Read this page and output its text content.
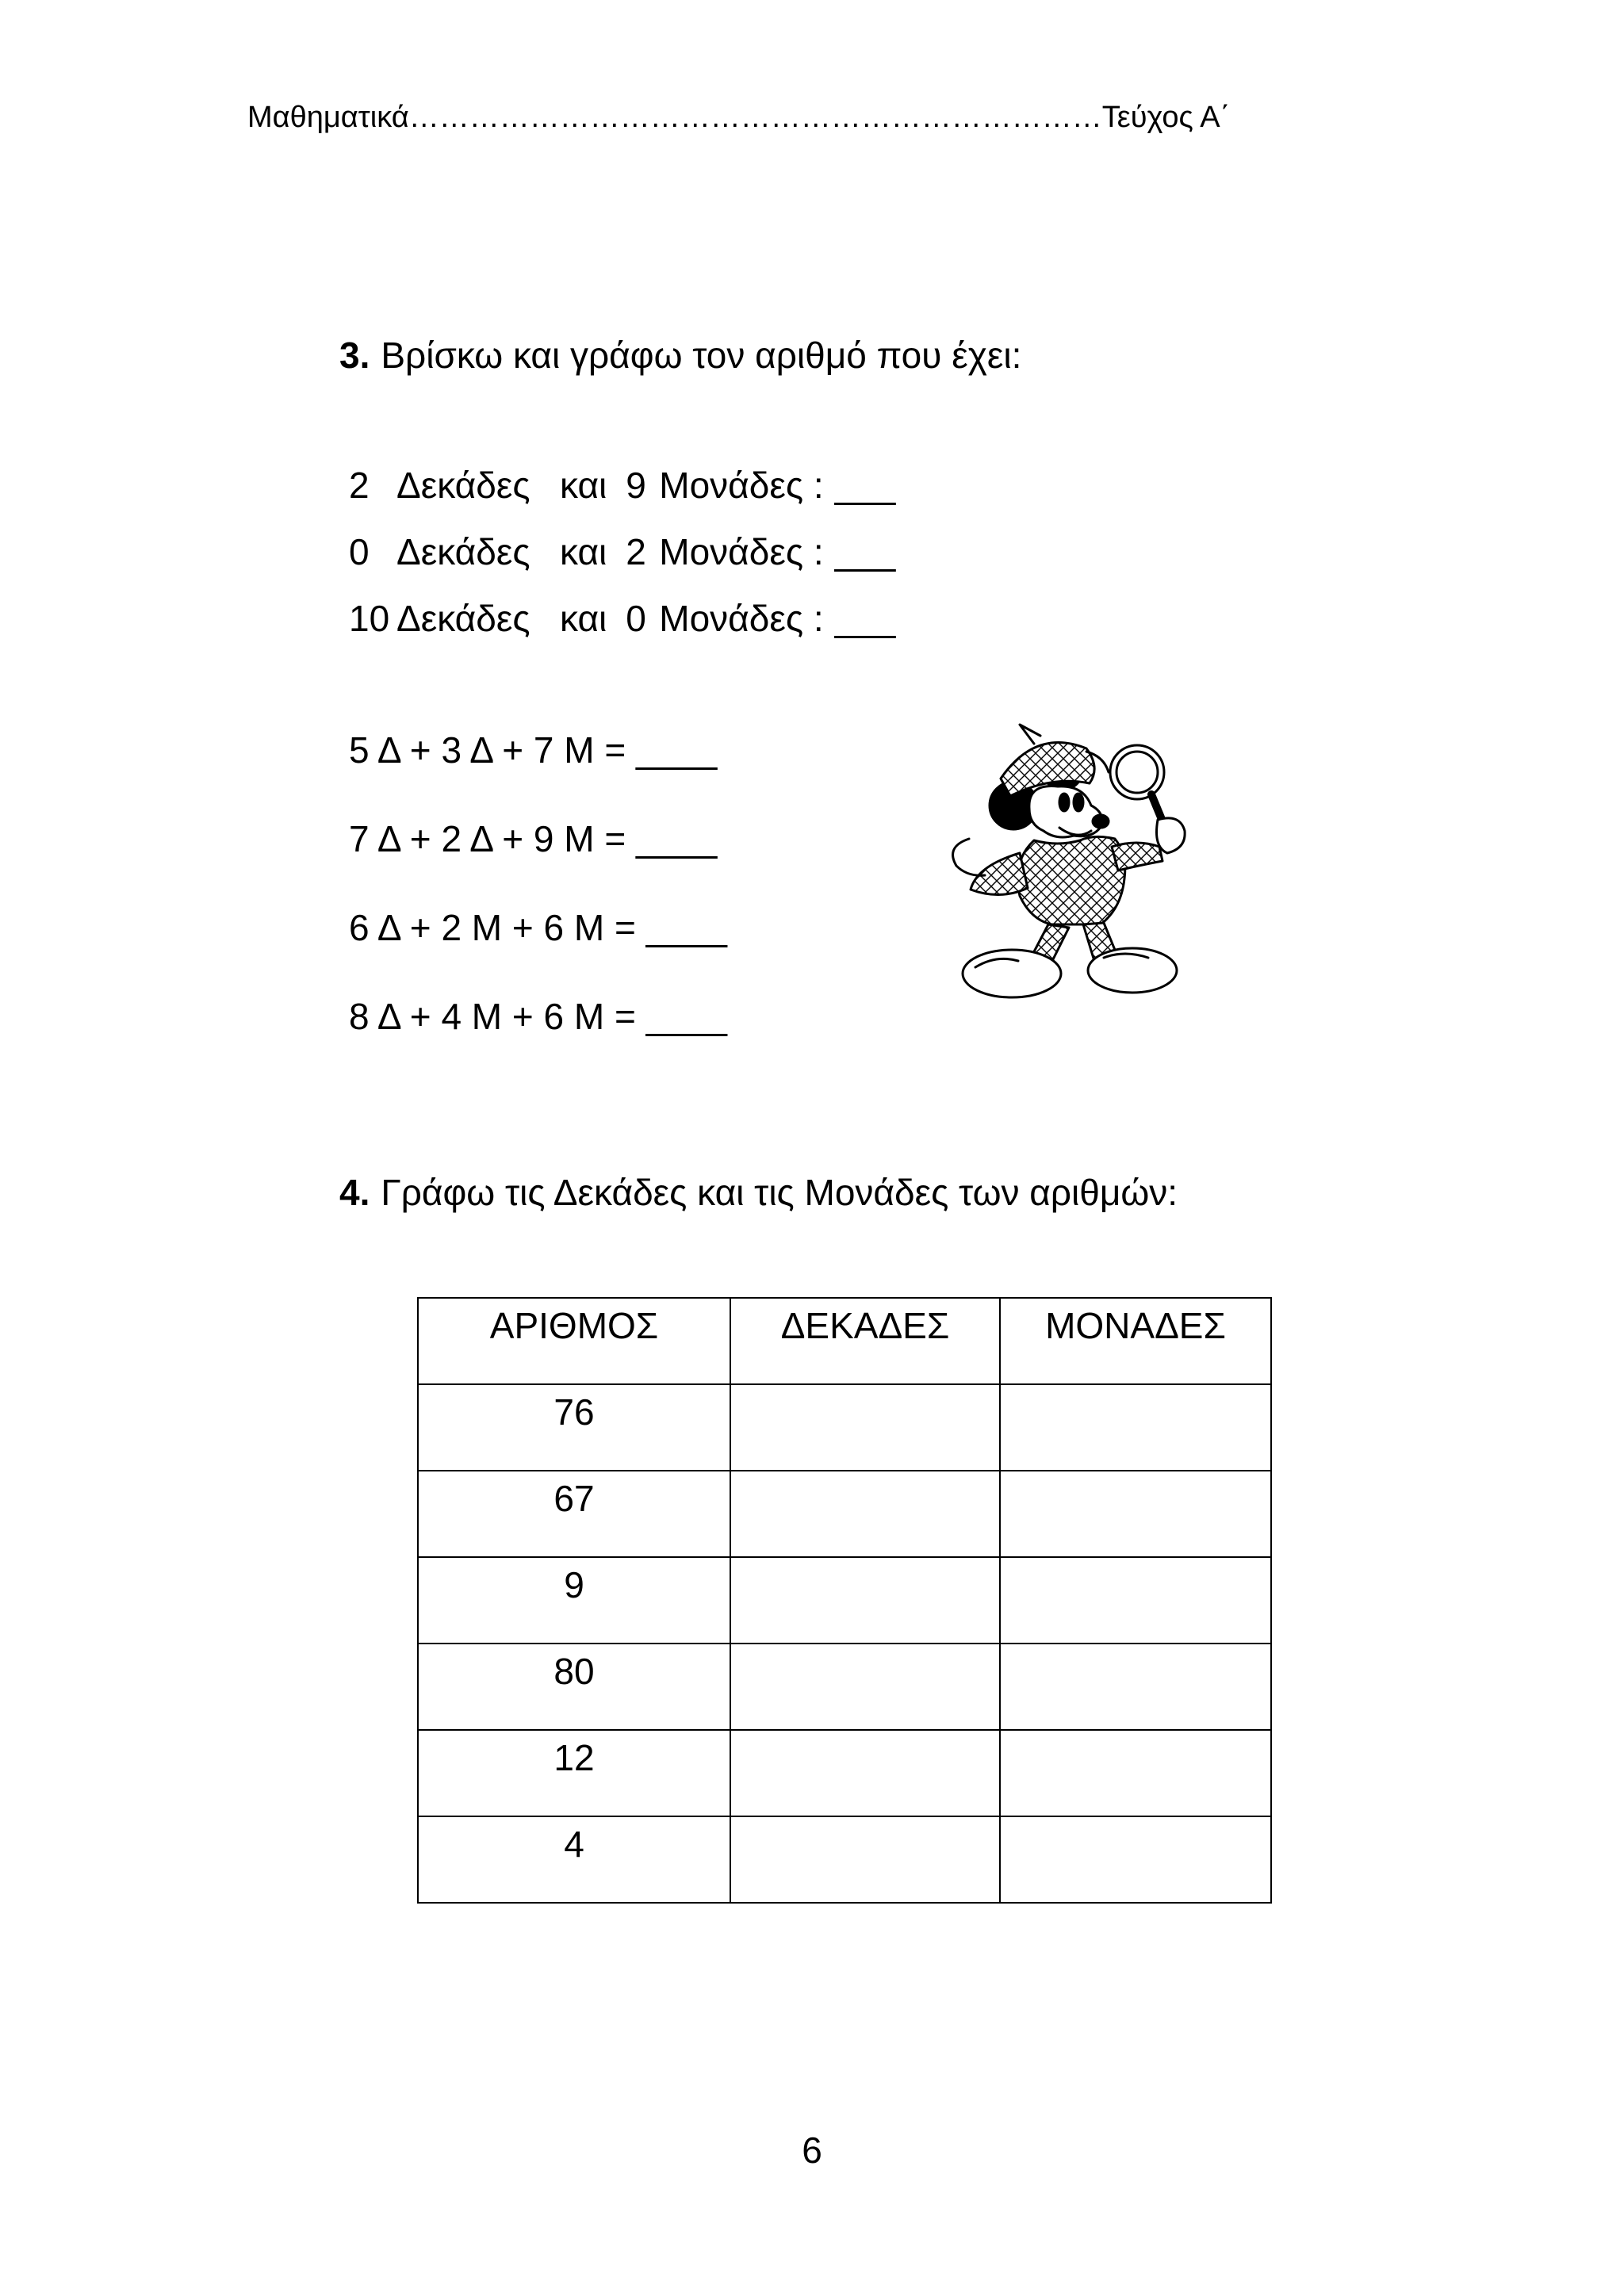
Μαθηματικά……………………………………………………………Τεύχος Α΄
3. Βρίσκω και γράφω τον αριθμό που έχει:
2 Δεκάδες και 9 Μονάδες : ___
0 Δεκάδες και 2 Μονάδες : ___
10 Δεκάδες και 0 Μονάδες : ___
5 Δ + 3 Δ + 7 Μ = ____
7 Δ + 2 Δ + 9 Μ = ____
6 Δ + 2 Μ + 6 Μ = ____
8 Δ + 4 Μ + 6 Μ = ____
4. Γράφω τις Δεκάδες και τις Μονάδες των αριθμών:
ΑΡΙΘΜΟΣ	ΔΕΚΑΔΕΣ	ΜΟΝΑΔΕΣ
76		
67		
9		
80		
12		
4		
6
